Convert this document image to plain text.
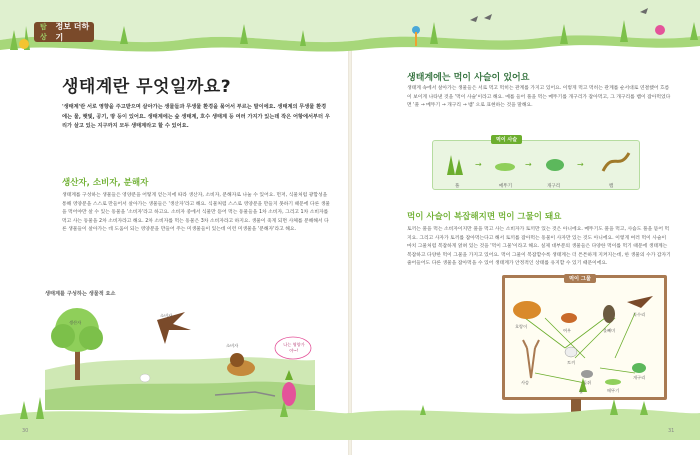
탐상
정보 더하기
생태계란 무엇일까요?
'생태계'란 서로 영향을 주고받으며 살아가는 생물들과 무생물 환경을 묶어서 부르는 말이에요. 생태계의 무생물 환경에는 물, 햇빛, 공기, 땅 등이 있어요. 생태계에는 숲 생태계, 호수 생태계 등 여러 가지가 있는데 작은 어항에서부터 우리가 살고 있는 지구까지 모두 생태계라고 할 수 있어요.
생산자, 소비자, 분해자
생태계를 구성하는 생물들은 영양분을 어떻게 얻는지에 따라 생산자, 소비자, 분해자로 나눌 수 있어요. 먼저, 식물처럼 광합성을 통해 영양분을 스스로 만들어서 살아가는 생물들은 '생산자'라고 해요. 식물처럼 스스로 영양분을 만들지 못하기 때문에 다른 생물을 먹어야만 살 수 있는 동물을 '소비자'라고 하고요. 소비자 중에서 식물만 뜯어 먹는 동물들을 1차 소비자, 그리고 1차 소비자를 먹고 사는 동물을 2차 소비자라고 해요. 2차 소비자를 먹는 동물은 3차 소비자라고 하지요. 생물이 죽게 되면 사체를 분해해서 다른 생물들이 살아가는 데 도움이 되는 영양분을 만들어 주는 미생물들이 있는데 이런 미생물을 '분해자'라고 해요.
생태계를 구성하는 생물적 요소
생산자
소비자
소비자	나는 영양가야~!
생태계에는 먹이 사슬이 있어요
생태계 속에서 살아가는 생물들은 서로 먹고 먹히는 관계를 가지고 있어요. 이렇게 먹고 먹히는 관계를 순서대로 연결했어 흐름이 보이게 나타낸 것을 '먹이 사슬'이라고 해요. 예를 들어 풀을 먹는 메뚜기를 개구리가 잡아먹고, 그 개구리를 뱀이 잡아먹었다면 '풀 → 메뚜기 → 개구리 → 뱀' 으로 표현하는 것을 말해요.
먹이 사슬
→	→	→
풀	메뚜기	개구리	뱀
먹이 사슬이 복잡해지면 먹이 그물이 돼요
토끼는 풀을 먹는 소비자이지만 풀을 먹고 사는 소비자가 토끼만 있는 것은 아니에요. 메뚜기도 풀을 먹고, 사슴도 풀을 뜯어 먹지요. 그리고 사자가 토끼를 잡아먹는다고 해서 토끼를 잡아먹는 동물이 사자만 있는 것도 아니에요. 이렇게 여러 먹이 사슬이 마치 그물처럼 복잡하게 얽혀 있는 것을 '먹이 그물'이라고 해요. 실제 대부분의 생물들은 다양한 먹이를 먹기 때문에 생태계는 복잡하고 다양한 먹이 그물을 가지고 있어요. 먹이 그물이 복잡할수록 생태계는 더 튼튼하게 지켜지는데, 한 생물의 수가 갑자기 줄어들어도 다른 생물을 잡아먹을 수 있어 생태계가 안정적인 상태를 유지할 수 있기 때문이에요.
먹이 그물
호랑이
여우	올빼미
독수리
토끼
사슴	들쥐
개구리
메뚜기
풀
30	31
